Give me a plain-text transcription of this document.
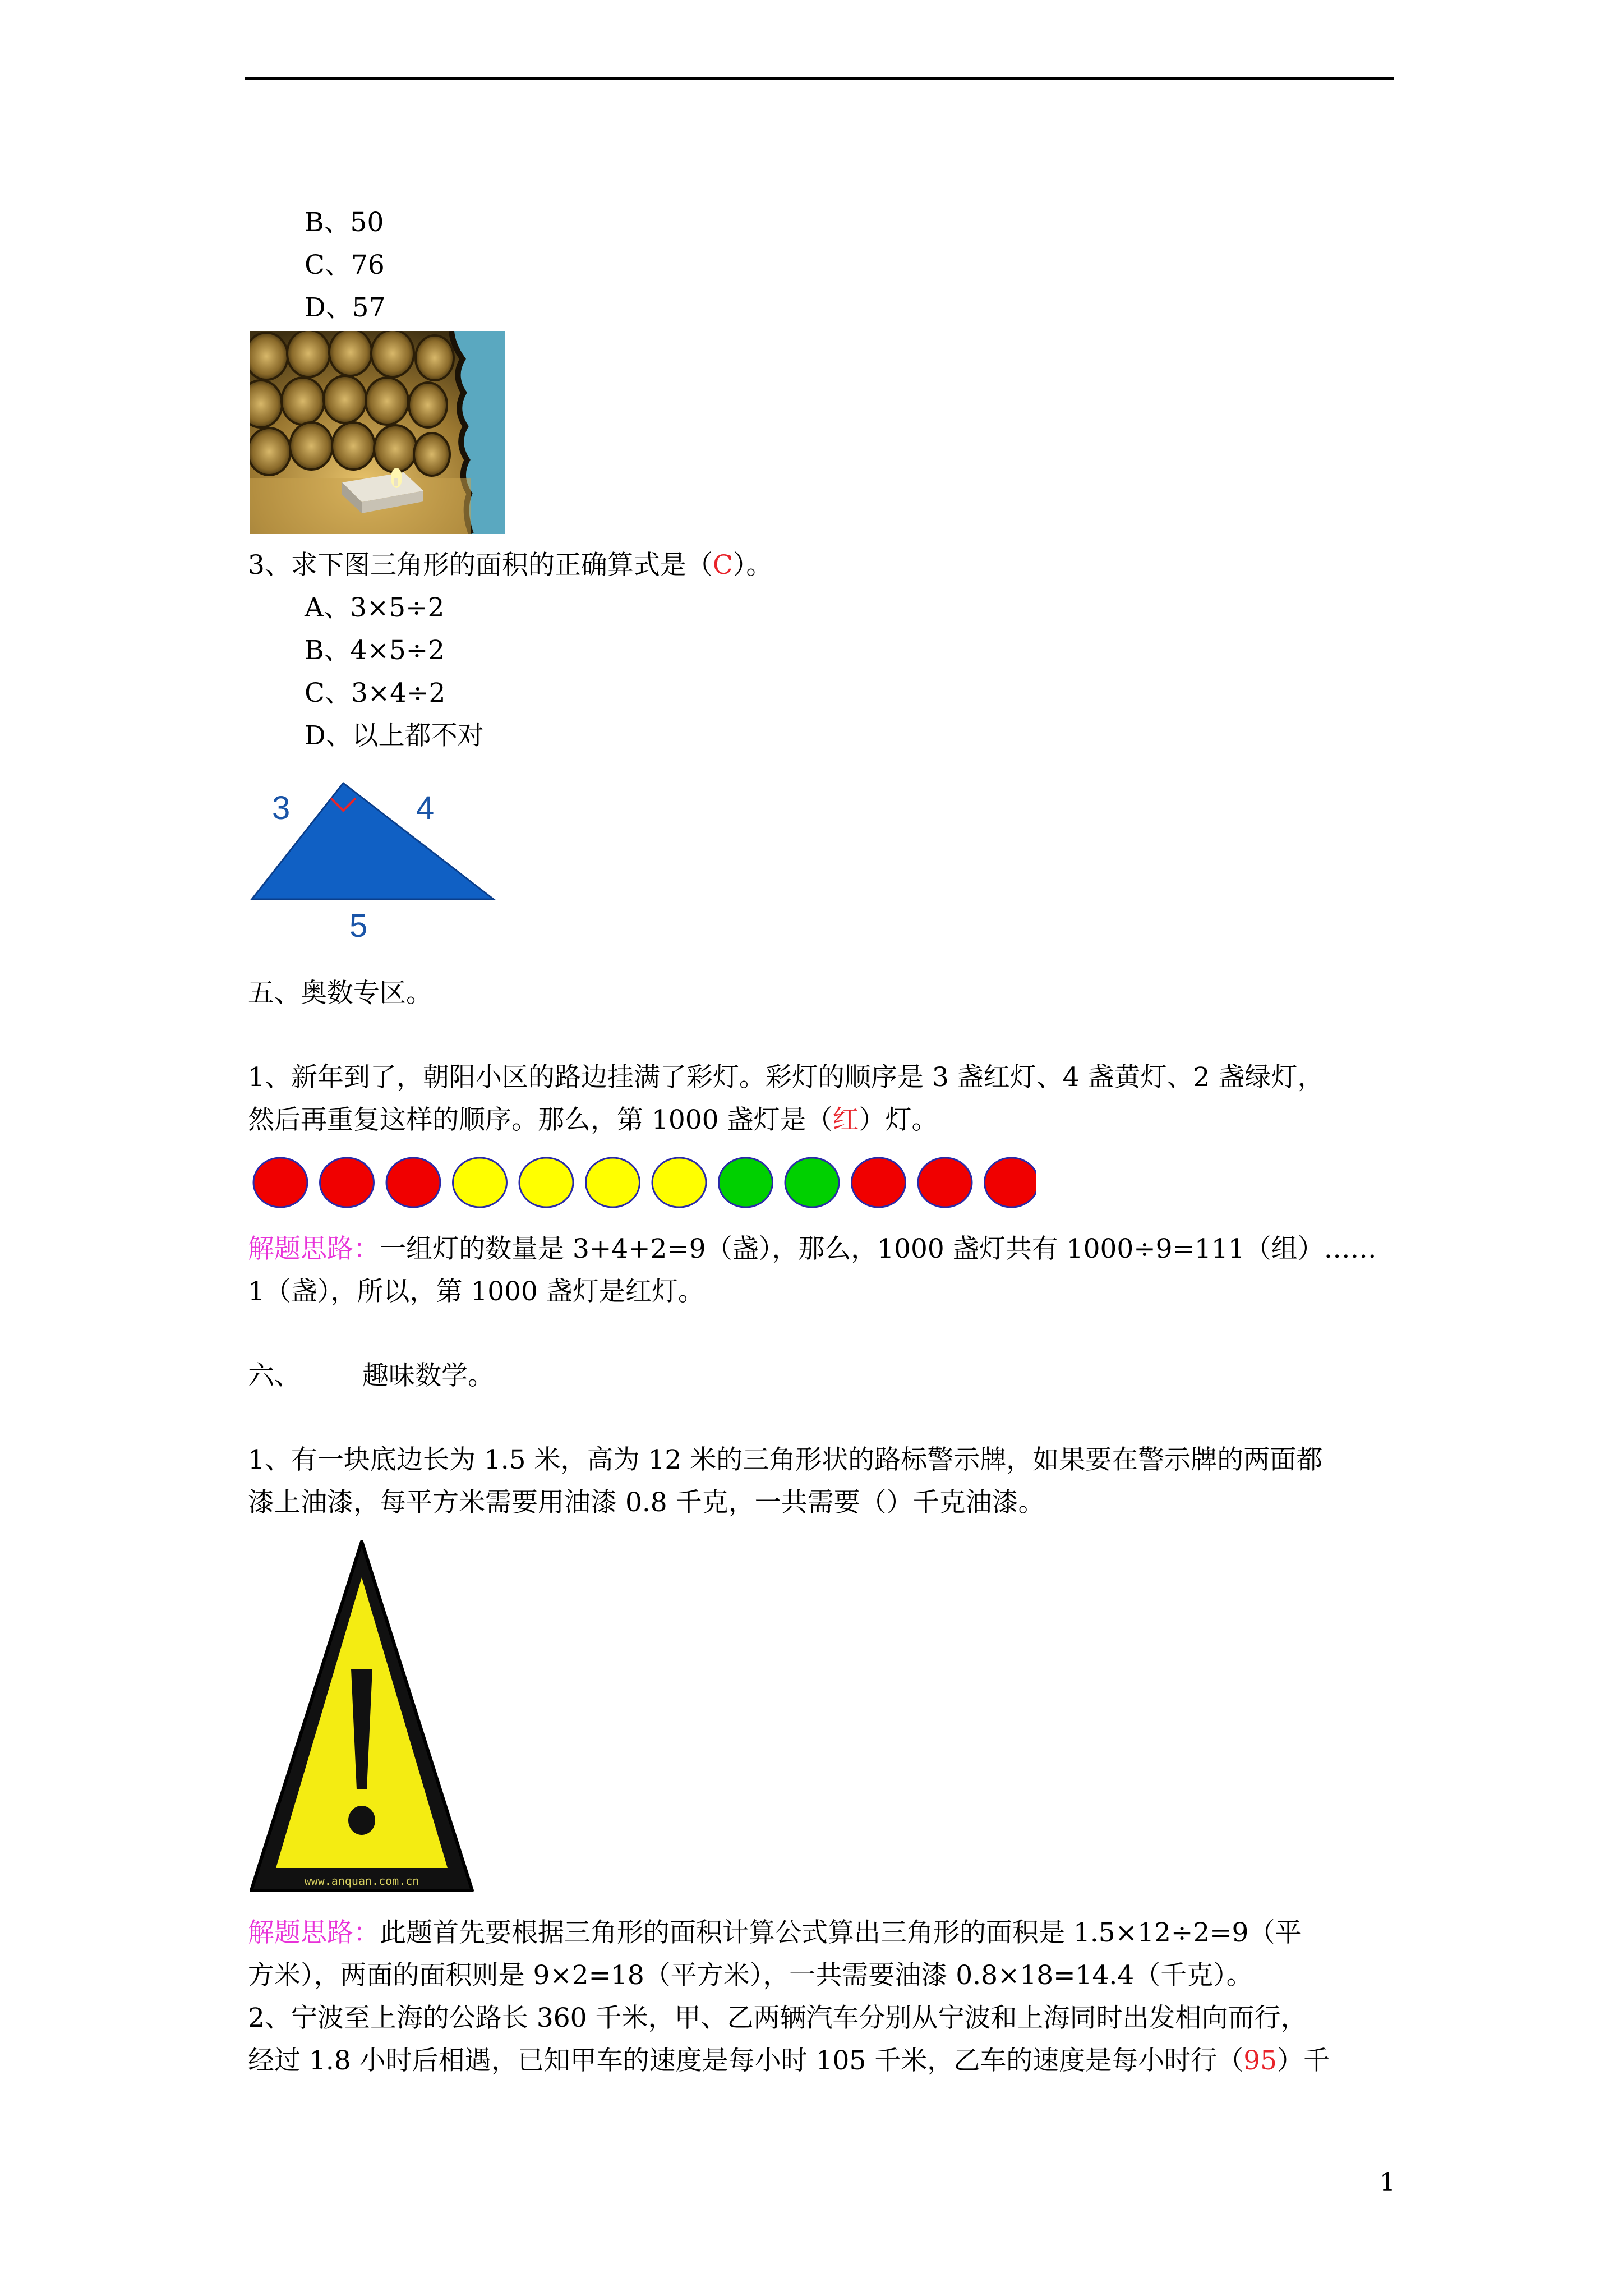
B、50
C、76
D、57
3、求下图三角形的面积的正确算式是（C）。
A、3×5÷2
B、4×5÷2
C、3×4÷2
D、以上都不对
3	4
5
五、奥数专区。
1、新年到了，朝阳小区的路边挂满了彩灯。彩灯的顺序是 3 盏红灯、4 盏黄灯、2 盏绿灯，
然后再重复这样的顺序。那么，第 1000 盏灯是（红）灯。
解题思路：一组灯的数量是 3+4+2=9（盏），那么，1000 盏灯共有 1000÷9=111（组）……
1（盏），所以，第 1000 盏灯是红灯。
六、 趣味数学。
1、有一块底边长为 1.5 米，高为 12 米的三角形状的路标警示牌，如果要在警示牌的两面都
漆上油漆，每平方米需要用油漆 0.8 千克，一共需要（）千克油漆。
www.anquan.com.cn
解题思路：此题首先要根据三角形的面积计算公式算出三角形的面积是 1.5×12÷2=9（平
方米），两面的面积则是 9×2=18（平方米），一共需要油漆 0.8×18=14.4（千克）。
2、宁波至上海的公路长 360 千米，甲、乙两辆汽车分别从宁波和上海同时出发相向而行，
经过 1.8 小时后相遇，已知甲车的速度是每小时 105 千米，乙车的速度是每小时行（95）千
1
